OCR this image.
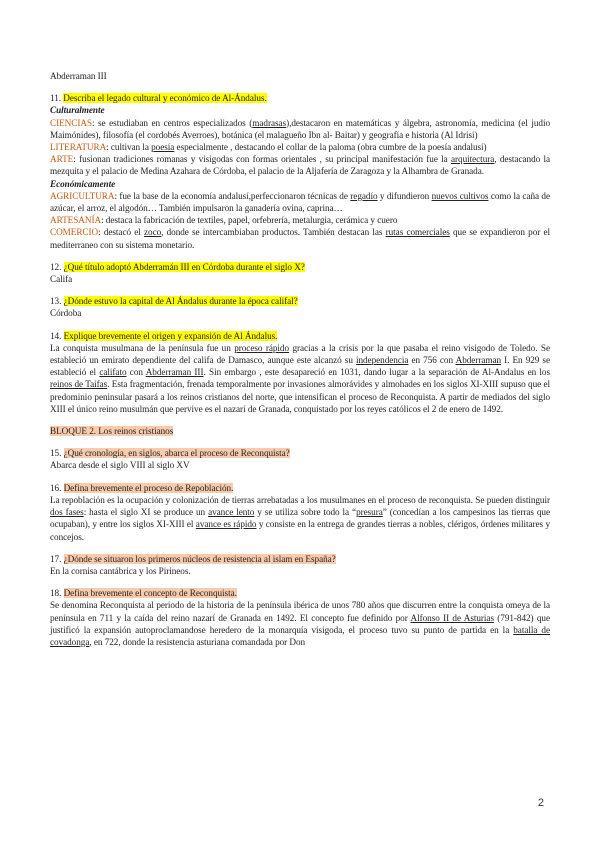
Abderraman III

11. Describa el legado cultural y económico de Al-Ándalus.

Culturalmente

CIENCIAS: se estudiaban en centros especializados (madrasas),destacaron en matemáticas y álgebra, astronomía, medicina (el judío Maimónides), filosofía (el cordobés Averroes), botánica (el malagueño Ibn al- Baitar) y geografía e historia (Al Idrisi)

LITERATURA: cultivan la poesía especialmente , destacando el collar de la paloma (obra cumbre de la poesía andalusí)

ARTE: fusionan tradiciones romanas y visigodas con formas orientales , su principal manifestación fue la arquitectura, destacando la mezquita y el palacio de Medina Azahara de Córdoba, el palacio de la Aljafería de Zaragoza y la Alhambra de Granada.

Económicamente

AGRICULTURA: fue la base de la economía andalusí,perfeccionaron técnicas de regadío y difundieron nuevos cultivos como la caña de azúcar, el arroz, el algodón… También impulsaron la ganadería ovina, caprina…

ARTESANÍA: destaca la fabricación de textiles, papel, orfebrería, metalurgia, cerámica y cuero

COMERCIO: destacó el zoco, donde se intercambiaban productos. También destacan las rutas comerciales que se expandieron por el mediterraneo con su sistema monetario.

12. ¿Qué título adoptó Abderramán III en Córdoba durante el siglo X?

Califa

13. ¿Dónde estuvo la capital de Al Ándalus durante la época califal?

Córdoba

14. Explique brevemente el origen y expansión de Al Ándalus.

La conquista musulmana de la península fue un proceso rápido gracias a la crisis por la que pasaba el reino visigodo de Toledo. Se estableció un emirato dependiente del califa de Damasco, aunque este alcanzó su independencia en 756 con Abderraman I. En 929 se estableció el califato con Abderraman III. Sin embargo , este desapareció en 1031, dando lugar a la separación de Al-Andalus en los reinos de Taifas. Esta fragmentación, frenada temporalmente por invasiones almorávides y almohades en los siglos XI-XIII supuso que el predominio peninsular pasará a los reinos cristianos del norte, que intensifican el proceso de Reconquista. A partir de mediados del siglo XIII el único reino musulmán que pervive es el nazarí de Granada, conquistado por los reyes católicos el 2 de enero de 1492.

BLOQUE 2. Los reinos cristianos

15. ¿Qué cronología, en siglos, abarca el proceso de Reconquista?

Abarca desde el siglo VIII al siglo XV

16. Defina brevemente el proceso de Repoblación.

La repoblación es la ocupación y colonización de tierras arrebatadas a los musulmanes en el proceso de reconquista. Se pueden distinguir dos fases: hasta el siglo XI se produce un avance lento y se utiliza sobre todo la “presura” (concedían a los campesinos las tierras que ocupaban), y entre los siglos XI-XIII el avance es rápido y consiste en la entrega de grandes tierras a nobles, clérigos, órdenes militares y concejos.

17. ¿Dónde se situaron los primeros núcleos de resistencia al islam en España?

En la cornisa cantábrica y los Pirineos.

18. Defina brevemente el concepto de Reconquista.

Se denomina Reconquista al periodo de la historia de la península ibérica de unos 780 años que discurren entre la conquista omeya de la península en 711 y la caída del reino nazarí de Granada en 1492. El concepto fue definido por Alfonso II de Asturias (791-842) que justificó la expansión autoproclamandose heredero de la monarquía visigoda, el proceso tuvo su punto de partida en la batalla de covadonga, en 722, donde la resistencia asturiana comandada por Don

2
